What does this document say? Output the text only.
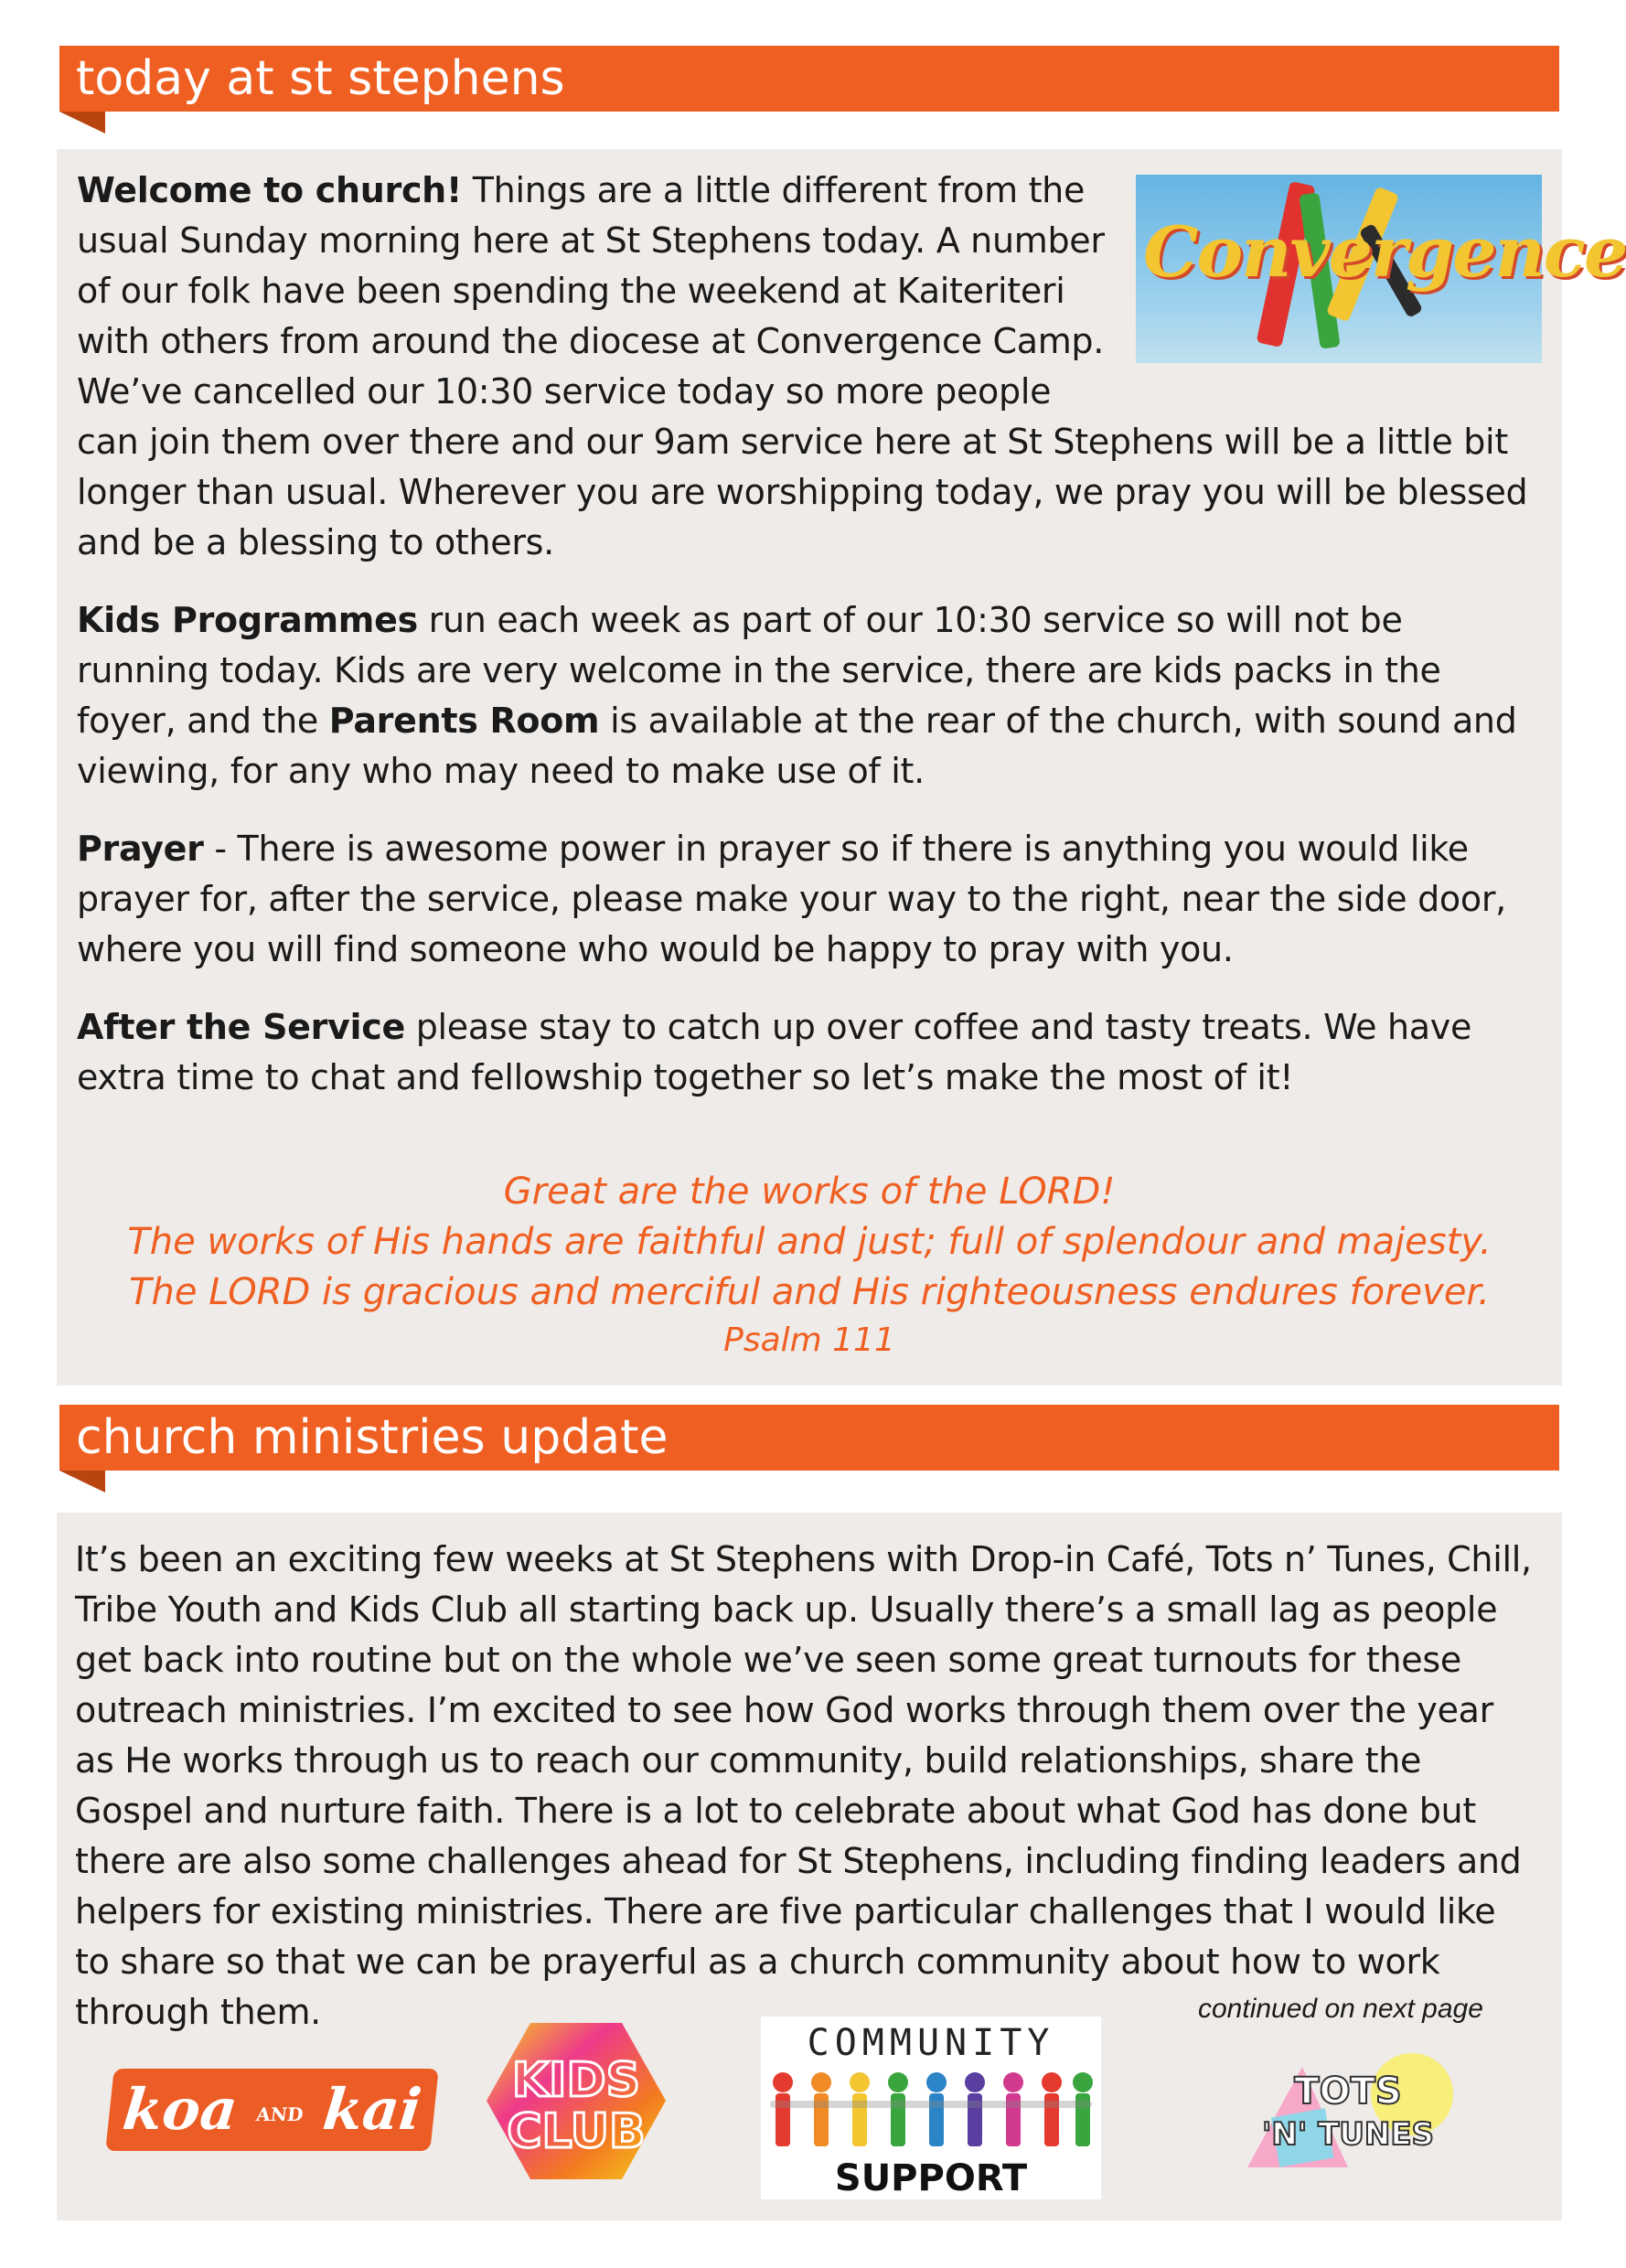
today at st stephens
Convergence

Welcome to church! Things are a little different from the usual Sunday morning here at St Stephens today. A number of our folk have been spending the weekend at Kaiteriteri with others from around the diocese at Convergence Camp. We’ve cancelled our 10:30 service today so more people can join them over there and our 9am service here at St Stephens will be a little bit longer than usual. Wherever you are worshipping today, we pray you will be blessed and be a blessing to others.

Kids Programmes run each week as part of our 10:30 service so will not be running today. Kids are very welcome in the service, there are kids packs in the foyer, and the Parents Room is available at the rear of the church, with sound and viewing, for any who may need to make use of it.

Prayer - There is awesome power in prayer so if there is anything you would like prayer for, after the service, please make your way to the right, near the side door, where you will find someone who would be happy to pray with you.

After the Service please stay to catch up over coffee and tasty treats. We have extra time to chat and fellowship together so let’s make the most of it!

Great are the works of the LORD!
The works of His hands are faithful and just; full of splendour and majesty.
The LORD is gracious and merciful and His righteousness endures forever.
Psalm 111
church ministries update

It’s been an exciting few weeks at St Stephens with Drop-in Café, Tots n’ Tunes, Chill, Tribe Youth and Kids Club all starting back up. Usually there’s a small lag as people get back into routine but on the whole we’ve seen some great turnouts for these outreach ministries. I’m excited to see how God works through them over the year as He works through us to reach our community, build relationships, share the Gospel and nurture faith. There is a lot to celebrate about what God has done but there are also some challenges ahead for St Stephens, including finding leaders and helpers for existing ministries. There are five particular challenges that I would like to share so that we can be prayerful as a church community about how to work through them.	continued on next page
koa AND kai KIDS
CLUB
COMMUNITY
SUPPORT
TOTS
'N' TUNES
